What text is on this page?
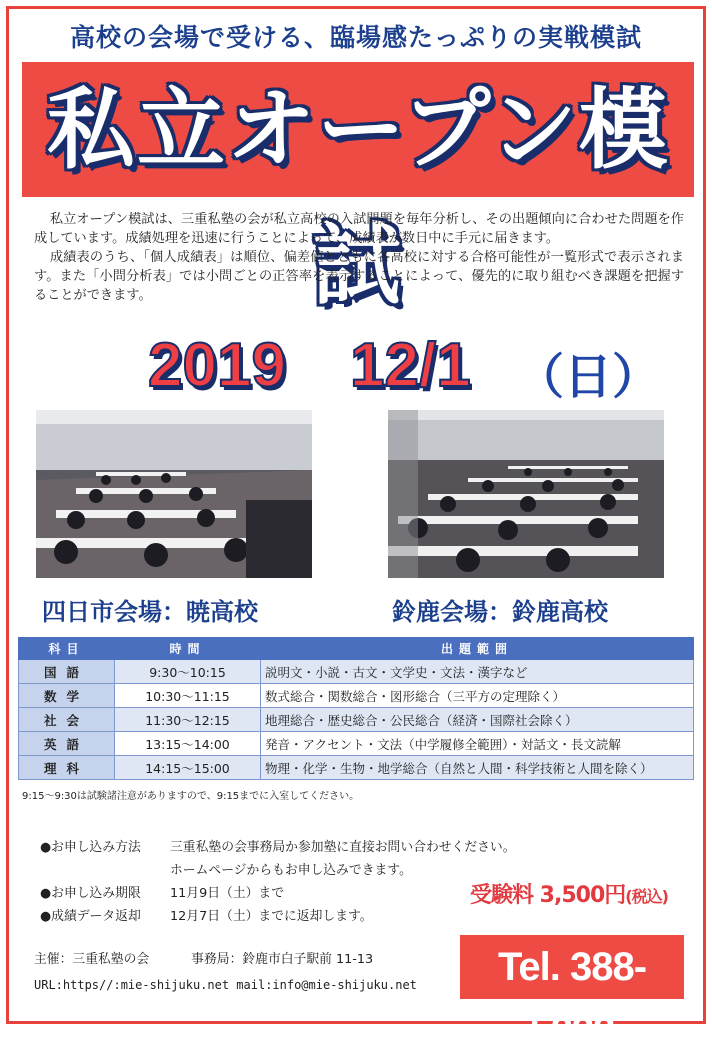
高校の会場で受ける、臨場感たっぷりの実戦模試
私立オープン模試

私立オープン模試は、三重私塾の会が私立高校の入試問題を毎年分析し、その出題傾向に合わせた問題を作成しています。成績処理を迅速に行うことによって、成績表が数日中に手元に届きます。

成績表のうち、「個人成績表」は順位、偏差値とともに各高校に対する合格可能性が一覧形式で表示されます。また「小問分析表」では小問ごとの正答率を表示することによって、優先的に取り組むべき課題を把握することができます。

2019 12/1 （日）
四日市会場：暁高校	鈴鹿会場：鈴鹿高校
科目	時間	出題範囲
国語	9:30～10:15	説明文・小説・古文・文学史・文法・漢字など
数学	10:30～11:15	数式総合・関数総合・図形総合（三平方の定理除く）
社会	11:30～12:15	地理総合・歴史総合・公民総合（経済・国際社会除く）
英語	13:15～14:00	発音・アクセント・文法（中学履修全範囲）・対話文・長文読解
理科	14:15～15:00	物理・化学・生物・地学総合（自然と人間・科学技術と人間を除く）
9:15～9:30は試験諸注意がありますので、9:15までに入室してください。
●お申し込み方法	三重私塾の会事務局か参加塾に直接お問い合わせください。
ホームページからもお申し込みできます。
●お申し込み期限	11月9日（土）まで
●成績データ返却	12月7日（土）までに返却します。
受験料 3,500円(税込)
主催：三重私塾の会	事務局：鈴鹿市白子駅前 11-13
URL:https//:mie-shijuku.net mail:info@mie-shijuku.net	Tel. 388-5233
